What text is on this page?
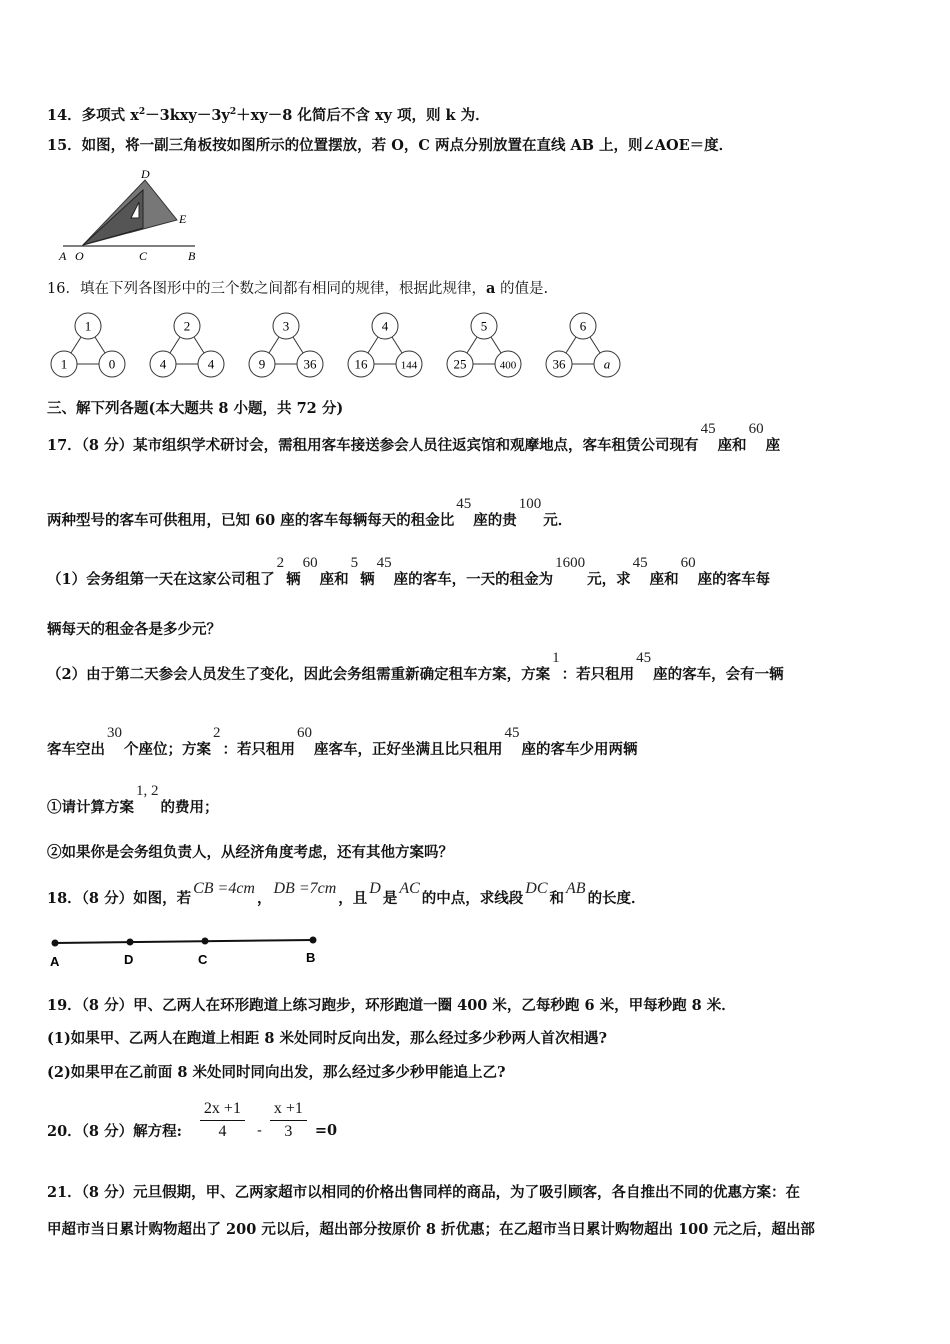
14．多项式 $x^2-3kxy-3y^2+xy-8$ 化简后不含 xy 项，则 k 为．
15．如图，将一副三角板按如图所示的位置摆放，若 O，C 两点分别放置在直线 AB 上，则∠AOE＝度．
D
E
A O	C	B
16．填在下列各图形中的三个数之间都有相同的规律，根据此规律，a 的值是.
1
1	0
2
4	4
3
9	36
4
16	144
5
25	400
6
36	a
三、解下列各题(本大题共 8 小题，共 72 分)
17．（8 分）某市组织学术研讨会，需租用客车接送参会人员往返宾馆和观摩地点，客车租赁公司现有45座和60座
两种型号的客车可供租用，已知 60 座的客车每辆每天的租金比45座的贵100元．
（1）会务组第一天在这家公司租了2辆60座和5辆45座的客车，一天的租金为1600元，求45座和60座的客车每
辆每天的租金各是多少元？
（2）由于第二天参会人员发生了变化，因此会务组需重新确定租车方案，方案1：若只租用45座的客车，会有一辆
客车空出30个座位；方案2：若只租用60座客车，正好坐满且比只租用45座的客车少用两辆
①请计算方案1, 2的费用；
②如果你是会务组负责人，从经济角度考虑，还有其他方案吗？
18．（8 分）如图，若CB =4cm，DB =7cm，且D是AC的中点，求线段DC和AB的长度．
A	D	C	B
19．（8 分）甲、乙两人在环形跑道上练习跑步，环形跑道一圈 400 米，乙每秒跑 6 米，甲每秒跑 8 米．
(1)如果甲、乙两人在跑道上相距 8 米处同时反向出发，那么经过多少秒两人首次相遇?
(2)如果甲在乙前面 8 米处同时同向出发，那么经过多少秒甲能追上乙?
20．（8 分）解方程: $\frac{2x +1}{4} - \frac{x +1}{3} =0$
21．（8 分）元旦假期，甲、乙两家超市以相同的价格出售同样的商品，为了吸引顾客，各自推出不同的优惠方案：在
甲超市当日累计购物超出了 200 元以后，超出部分按原价 8 折优惠；在乙超市当日累计购物超出 100 元之后，超出部
